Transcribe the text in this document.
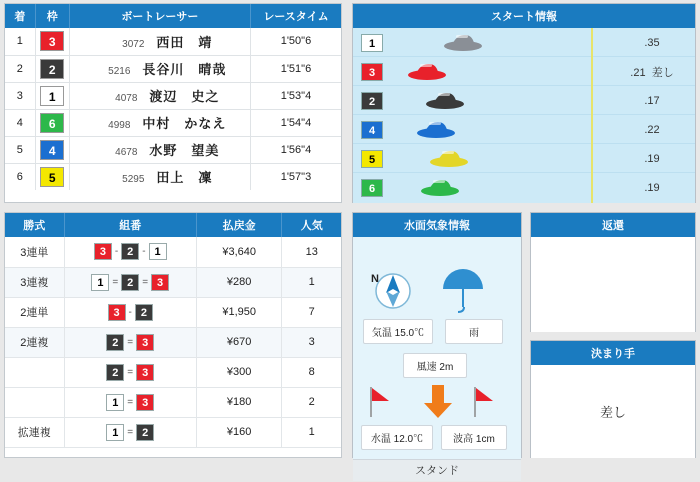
着	枠	ボートレーサー	レースタイム
1	3	3072 西田　靖	1'50"6
2	2	5216 長谷川　晴哉	1'51"6
3	1	4078 渡辺　史之	1'53"4
4	6	4998 中村　かなえ	1'54"4
5	4	4678 水野　望美	1'56"4
6	5	5295 田上　凜	1'57"3
スタート情報
1	.35
3	.21  差し
2	.17
4	.22
5	.19
6	.19
勝式	組番	払戻金	人気
3連単	3 - 2 - 1	¥3,640	13
3連複	1 = 2 = 3	¥280	1
2連単	3 - 2	¥1,950	7
2連複	2 = 3	¥670	3
	2 = 3	¥300	8
	1 = 3	¥180	2
拡連複	1 = 2	¥160	1
水面気象情報
N
気温 15.0℃	雨
風速 2m
水温 12.0℃	波高 1cm
スタンド
返還
決まり手
差し
